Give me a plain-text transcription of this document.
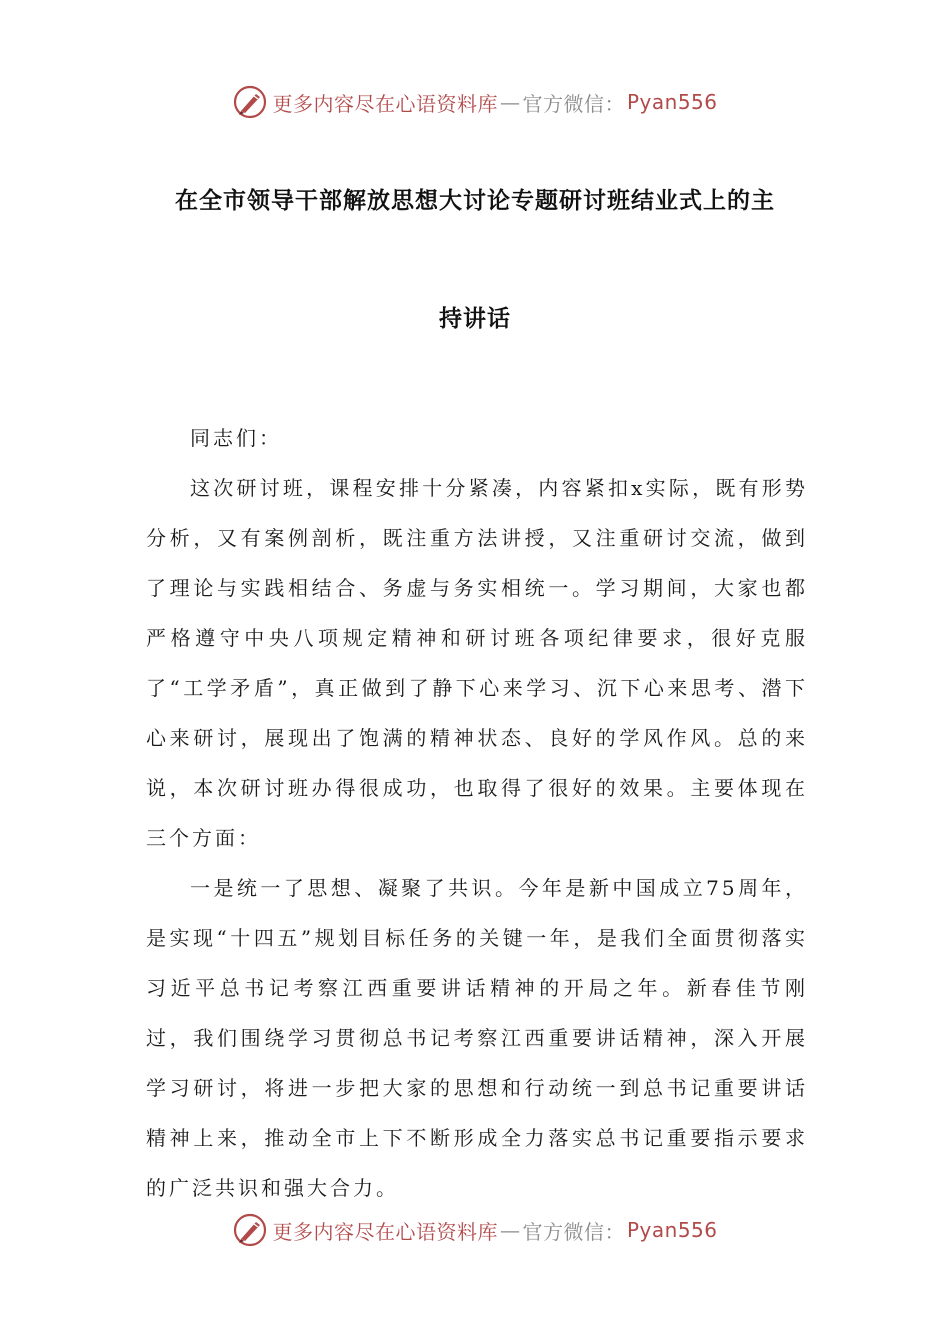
更多内容尽在心语资料库 — 官方微信： Pyan556
在全市领导干部解放思想大讨论专题研讨班结业式上的主
持讲话

同志们：

这次研讨班，课程安排十分紧凑，内容紧扣x实际，既有形势分析，又有案例剖析，既注重方法讲授，又注重研讨交流，做到了理论与实践相结合、务虚与务实相统一。学习期间，大家也都严格遵守中央八项规定精神和研讨班各项纪律要求，很好克服了“工学矛盾”，真正做到了静下心来学习、沉下心来思考、潜下心来研讨，展现出了饱满的精神状态、良好的学风作风。总的来说，本次研讨班办得很成功，也取得了很好的效果。主要体现在三个方面：

一是统一了思想、凝聚了共识。今年是新中国成立75周年，是实现“十四五”规划目标任务的关键一年，是我们全面贯彻落实习近平总书记考察江西重要讲话精神的开局之年。新春佳节刚过，我们围绕学习贯彻总书记考察江西重要讲话精神，深入开展学习研讨，将进一步把大家的思想和行动统一到总书记重要讲话精神上来，推动全市上下不断形成全力落实总书记重要指示要求的广泛共识和强大合力。

更多内容尽在心语资料库 — 官方微信： Pyan556
